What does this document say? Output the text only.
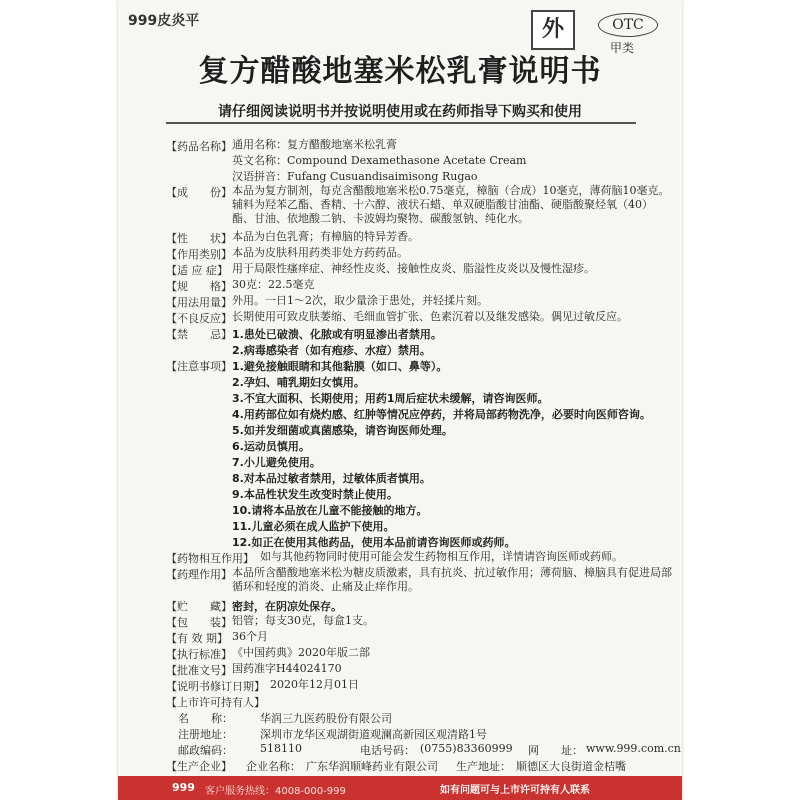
999皮炎平	外	OTC
甲类
复方醋酸地塞米松乳膏说明书
请仔细阅读说明书并按说明使用或在药师指导下购买和使用
【药品名称】 通用名称：复方醋酸地塞米松乳膏
英文名称：Compound Dexamethasone Acetate Cream
汉语拼音：Fufang Cusuandisaimisong Rugao
【成　　份】 本品为复方制剂，每克含醋酸地塞米松0.75毫克，樟脑（合成）10毫克，薄荷脑10毫克。辅料为羟苯乙酯、香精、十六醇、液状石蜡、单双硬脂酸甘油酯、硬脂酸聚烃氧（40）酯、甘油、依地酸二钠、卡波姆均聚物、碳酸氢钠、纯化水。
【性　　状】 本品为白色乳膏；有樟脑的特异芳香。
【作用类别】 本品为皮肤科用药类非处方药药品。
【适 应 症】 用于局限性瘙痒症、神经性皮炎、接触性皮炎、脂溢性皮炎以及慢性湿疹。
【规　　格】 30克：22.5毫克
【用法用量】 外用。一日1～2次，取少量涂于患处，并轻揉片刻。
【不良反应】 长期使用可致皮肤萎缩、毛细血管扩张、色素沉着以及继发感染。偶见过敏反应。
【禁　　忌】 1.患处已破溃、化脓或有明显渗出者禁用。
2.病毒感染者（如有疱疹、水痘）禁用。
【注意事项】 1.避免接触眼睛和其他黏膜（如口、鼻等）。
2.孕妇、哺乳期妇女慎用。
3.不宜大面积、长期使用；用药1周后症状未缓解，请咨询医师。
4.用药部位如有烧灼感、红肿等情况应停药，并将局部药物洗净，必要时向医师咨询。
5.如并发细菌或真菌感染，请咨询医师处理。
6.运动员慎用。
7.小儿避免使用。
8.对本品过敏者禁用，过敏体质者慎用。
9.本品性状发生改变时禁止使用。
10.请将本品放在儿童不能接触的地方。
11.儿童必须在成人监护下使用。
12.如正在使用其他药品，使用本品前请咨询医师或药师。
【药物相互作用】 如与其他药物同时使用可能会发生药物相互作用，详情请咨询医师或药师。
【药理作用】 本品所含醋酸地塞米松为糖皮质激素，具有抗炎、抗过敏作用；薄荷脑、樟脑具有促进局部循环和轻度的消炎、止痛及止痒作用。
【贮　　藏】 密封，在阴凉处保存。
【包　　装】 铝管；每支30克，每盒1支。
【有 效 期】 36个月
【执行标准】 《中国药典》2020年版二部
【批准文号】 国药准字H44024170
【说明书修订日期】 2020年12月01日
【上市许可持有人】
名　　称： 华润三九医药股份有限公司
注册地址： 深圳市龙华区观湖街道观澜高新园区观清路1号
邮政编码： 518110	电话号码： (0755)83360999 网　　址： www.999.com.cn
【生产企业】 企业名称： 广东华润顺峰药业有限公司 生产地址： 顺德区大良街道金桔嘴
999 客户服务热线：4008-000-999	如有问题可与上市许可持有人联系
